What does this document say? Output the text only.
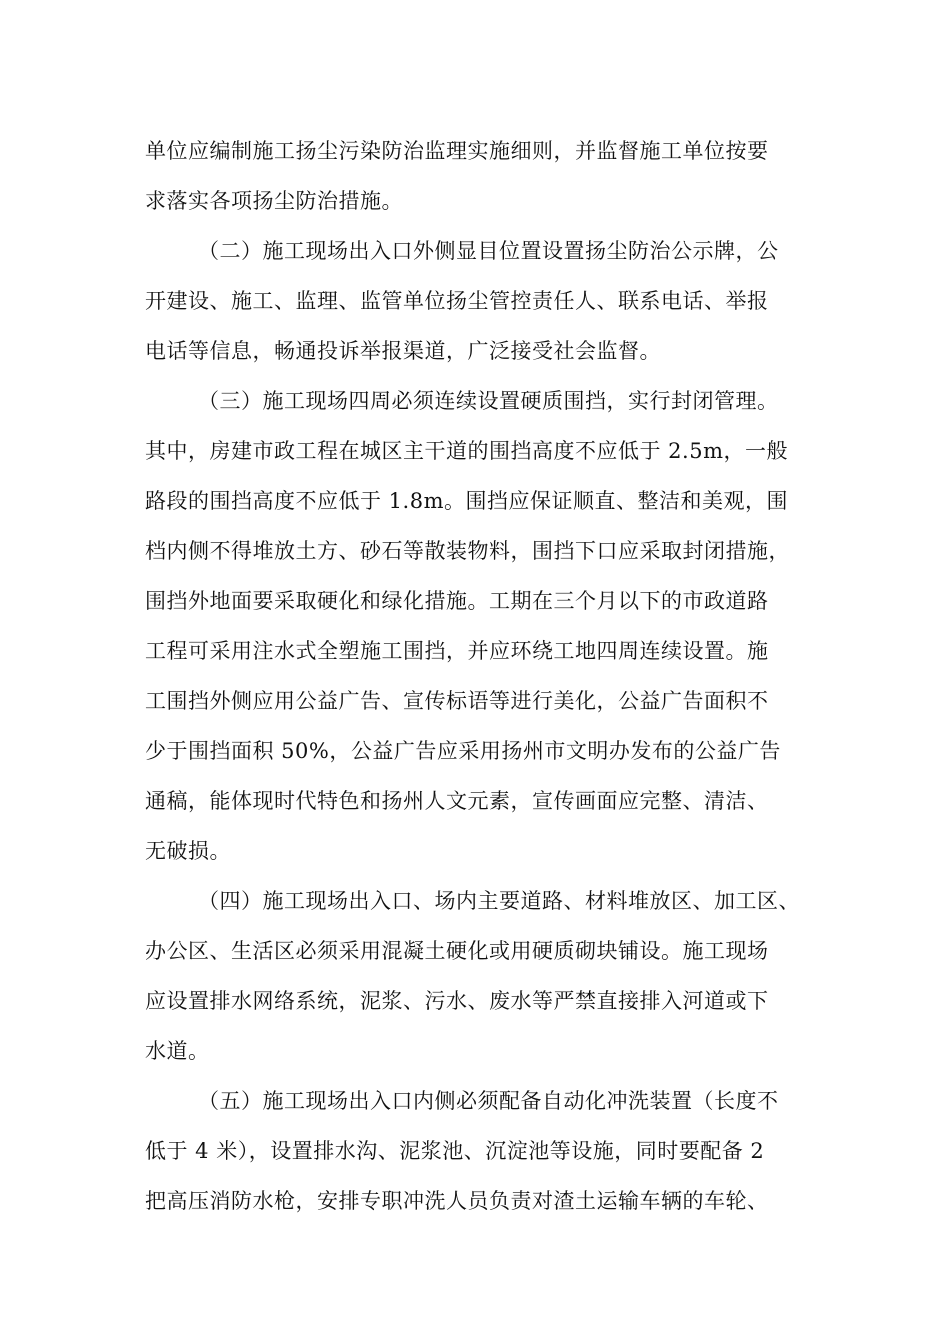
单位应编制施工扬尘污染防治监理实施细则，并监督施工单位按要
求落实各项扬尘防治措施。
（二）施工现场出入口外侧显目位置设置扬尘防治公示牌，公
开建设、施工、监理、监管单位扬尘管控责任人、联系电话、举报
电话等信息，畅通投诉举报渠道，广泛接受社会监督。
（三）施工现场四周必须连续设置硬质围挡，实行封闭管理。
其中，房建市政工程在城区主干道的围挡高度不应低于 2.5m，一般
路段的围挡高度不应低于 1.8m。围挡应保证顺直、整洁和美观，围
档内侧不得堆放土方、砂石等散装物料，围挡下口应采取封闭措施，
围挡外地面要采取硬化和绿化措施。工期在三个月以下的市政道路
工程可采用注水式全塑施工围挡，并应环绕工地四周连续设置。施
工围挡外侧应用公益广告、宣传标语等进行美化，公益广告面积不
少于围挡面积 50%，公益广告应采用扬州市文明办发布的公益广告
通稿，能体现时代特色和扬州人文元素，宣传画面应完整、清洁、
无破损。
（四）施工现场出入口、场内主要道路、材料堆放区、加工区、
办公区、生活区必须采用混凝土硬化或用硬质砌块铺设。施工现场
应设置排水网络系统，泥浆、污水、废水等严禁直接排入河道或下
水道。
（五）施工现场出入口内侧必须配备自动化冲洗装置（长度不
低于 4 米），设置排水沟、泥浆池、沉淀池等设施，同时要配备 2
把高压消防水枪，安排专职冲洗人员负责对渣土运输车辆的车轮、
